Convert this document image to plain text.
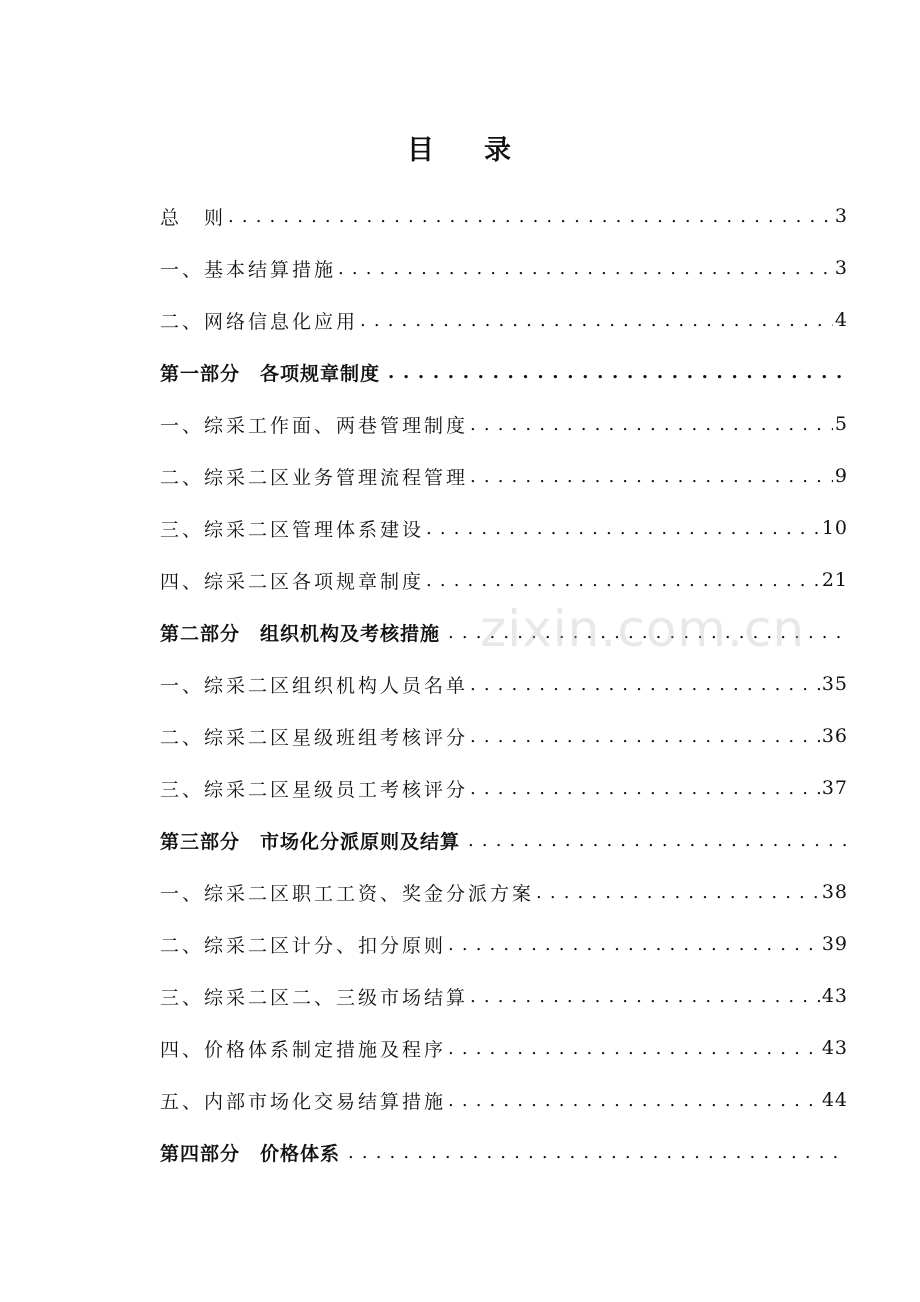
目 录
总 则 . . .	3
一、基本结算措施 . . .	3
二、网络信息化应用 . . .	4
第一部分 各项规章制度
. . .
一、综采工作面、两巷管理制度 . . .	5
二、综采二区业务管理流程管理 . . .	9
三、综采二区管理体系建设 . . .	10
四、综采二区各项规章制度 . . .	21
第二部分 组织机构及考核措施
. . .
一、综采二区组织机构人员名单 . . .	35
二、综采二区星级班组考核评分 . . .	36
三、综采二区星级员工考核评分 . . .	37
第三部分 市场化分派原则及结算
. . .
一、综采二区职工工资、奖金分派方案 . . .	38
二、综采二区计分、扣分原则 . . .	39
三、综采二区二、三级市场结算 . . .	43
四、价格体系制定措施及程序 . . .	43
五、内部市场化交易结算措施 . . .	44
第四部分 价格体系
. . .
zixin.com.cn
